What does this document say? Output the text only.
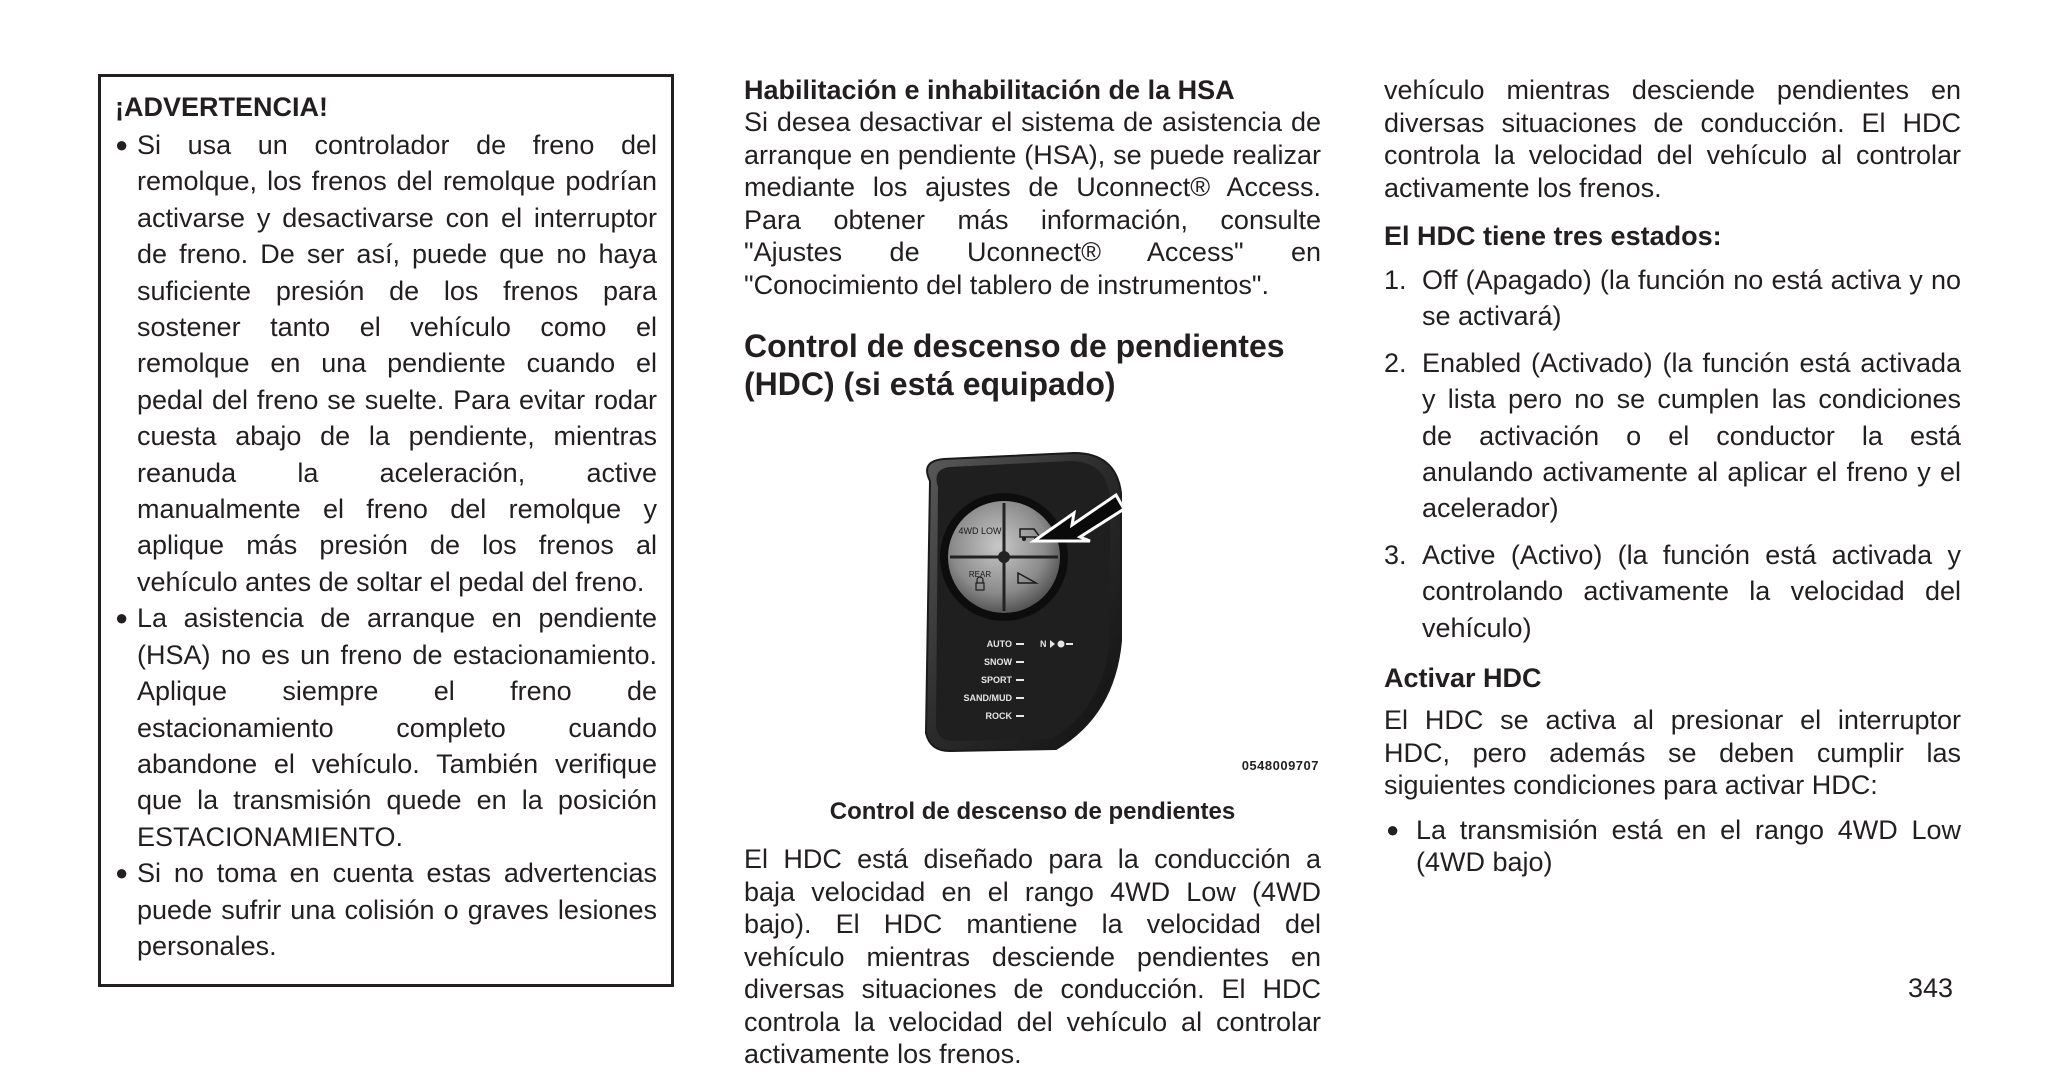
¡ADVERTENCIA!
● Si usa un controlador de freno del remolque, los frenos del remolque podrían activarse y desactivarse con el interruptor de freno. De ser así, puede que no haya suficiente presión de los frenos para sostener tanto el vehículo como el remolque en una pendiente cuando el pedal del freno se suelte. Para evitar rodar cuesta abajo de la pendiente, mientras reanuda la aceleración, active manualmente el freno del remolque y aplique más presión de los frenos al vehículo antes de soltar el pedal del freno.
● La asistencia de arranque en pendiente (HSA) no es un freno de estacionamiento. Aplique siempre el freno de estacionamiento completo cuando abandone el vehículo. También verifique que la transmisión quede en la posición ESTACIONAMIENTO.
● Si no toma en cuenta estas advertencias puede sufrir una colisión o graves lesiones personales.
Habilitación e inhabilitación de la HSA

Si desea desactivar el sistema de asistencia de arranque en pendiente (HSA), se puede realizar mediante los ajustes de Uconnect® Access. Para obtener más información, consulte "Ajustes de Uconnect® Access" en "Conocimiento del tablero de instrumentos".

Control de descenso de pendientes (HDC) (si está equipado)
4WD LOW
REAR
AUTO
SNOW
SPORT
SAND/MUD
ROCK
N
0548009707
Control de descenso de pendientes

El HDC está diseñado para la conducción a baja velocidad en el rango 4WD Low (4WD bajo). El HDC mantiene la velocidad del vehículo mientras desciende pendientes en diversas situaciones de conducción. El HDC controla la velocidad del vehículo al controlar activamente los frenos.

vehículo mientras desciende pendientes en diversas situaciones de conducción. El HDC controla la velocidad del vehículo al controlar activamente los frenos.
El HDC tiene tres estados:
1. Off (Apagado) (la función no está activa y no se activará)
2. Enabled (Activado) (la función está activada y lista pero no se cumplen las condiciones de activación o el conductor la está anulando activamente al aplicar el freno y el acelerador)
3. Active (Activo) (la función está activada y controlando activamente la velocidad del vehículo)
Activar HDC

El HDC se activa al presionar el interruptor HDC, pero además se deben cumplir las siguientes condiciones para activar HDC:

● La transmisión está en el rango 4WD Low (4WD bajo)
343
